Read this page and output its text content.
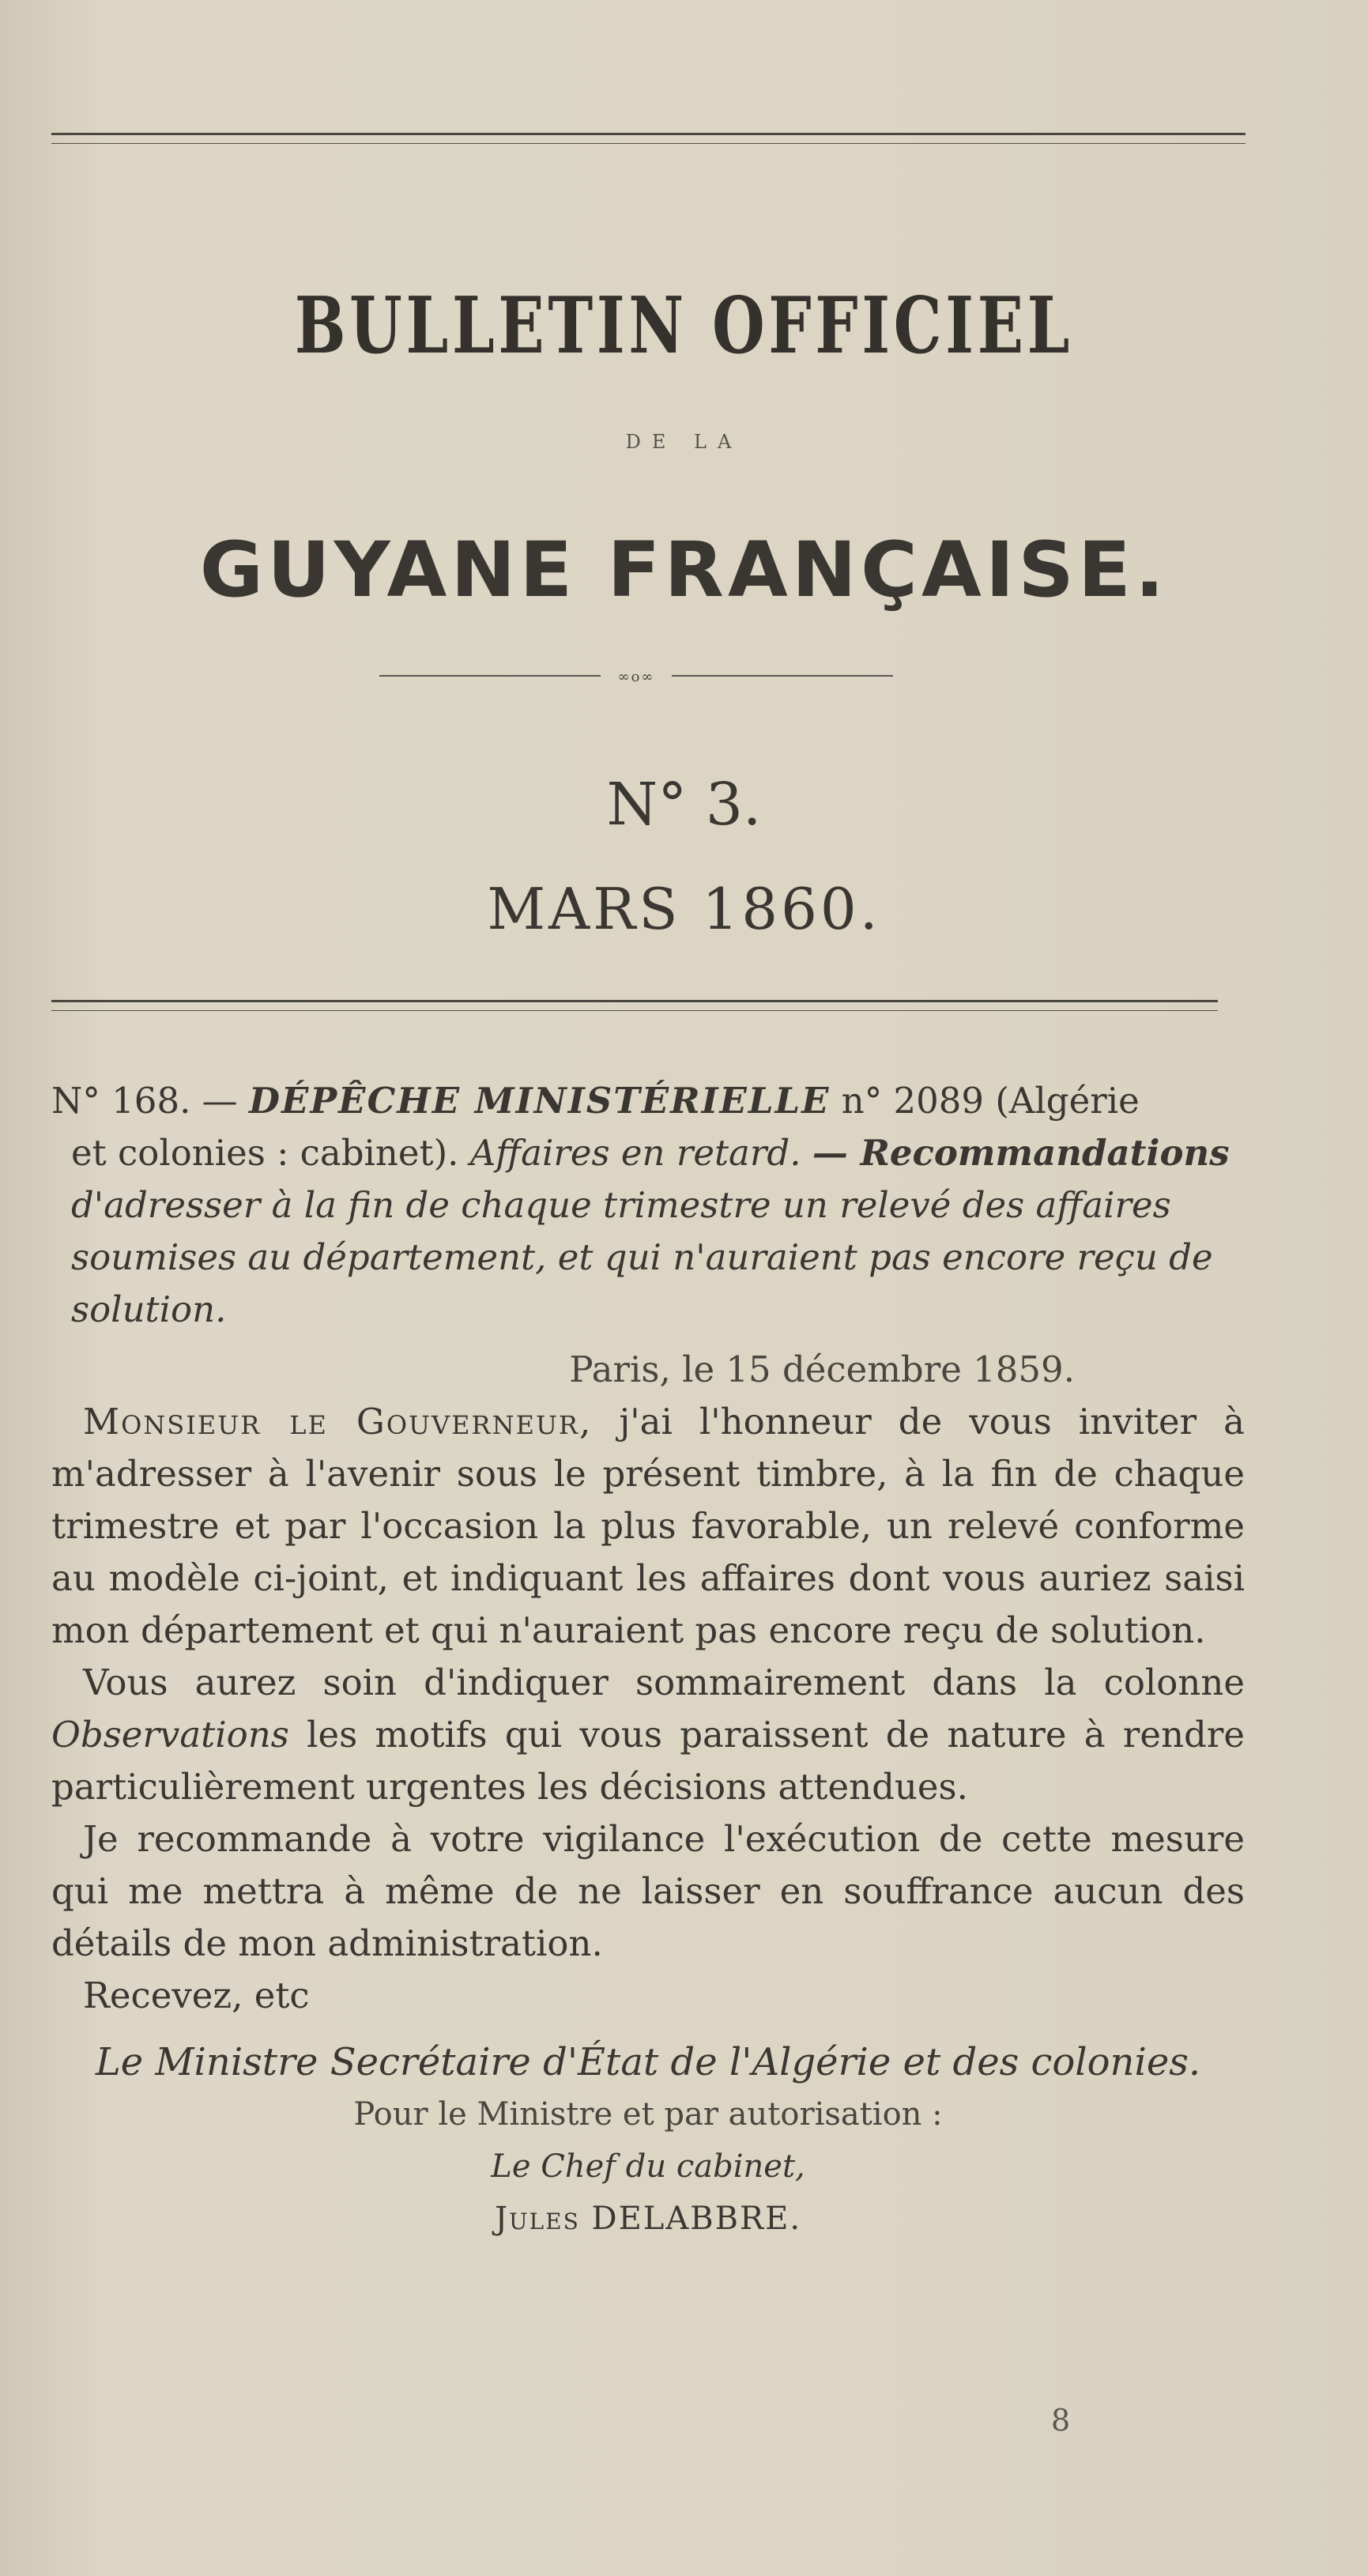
BULLETIN OFFICIEL
DE LA
GUYANE FRANÇAISE.
∞o∞
N° 3.
MARS 1860.
N° 168. — DÉPÊCHE MINISTÉRIELLE n° 2089 (Algérie
et colonies : cabinet). Affaires en retard. — Recommandations
d'adresser à la fin de chaque trimestre un relevé des affaires
soumises au département, et qui n'auraient pas encore reçu de
solution.
Paris, le 15 décembre 1859.

Monsieur le Gouverneur, j'ai l'honneur de vous inviter à m'adresser à l'avenir sous le présent timbre, à la fin de chaque trimestre et par l'occasion la plus favorable, un relevé conforme au modèle ci-joint, et indiquant les affaires dont vous auriez saisi mon département et qui n'auraient pas encore reçu de solution.

Vous aurez soin d'indiquer sommairement dans la colonne Observations les motifs qui vous paraissent de nature à rendre particulièrement urgentes les décisions attendues.

Je recommande à votre vigilance l'exécution de cette mesure qui me mettra à même de ne laisser en souffrance aucun des détails de mon administration.

Recevez, etc

Le Ministre Secrétaire d'État de l'Algérie et des colonies.
Pour le Ministre et par autorisation :
Le Chef du cabinet,
Jules DELABBRE.
8
